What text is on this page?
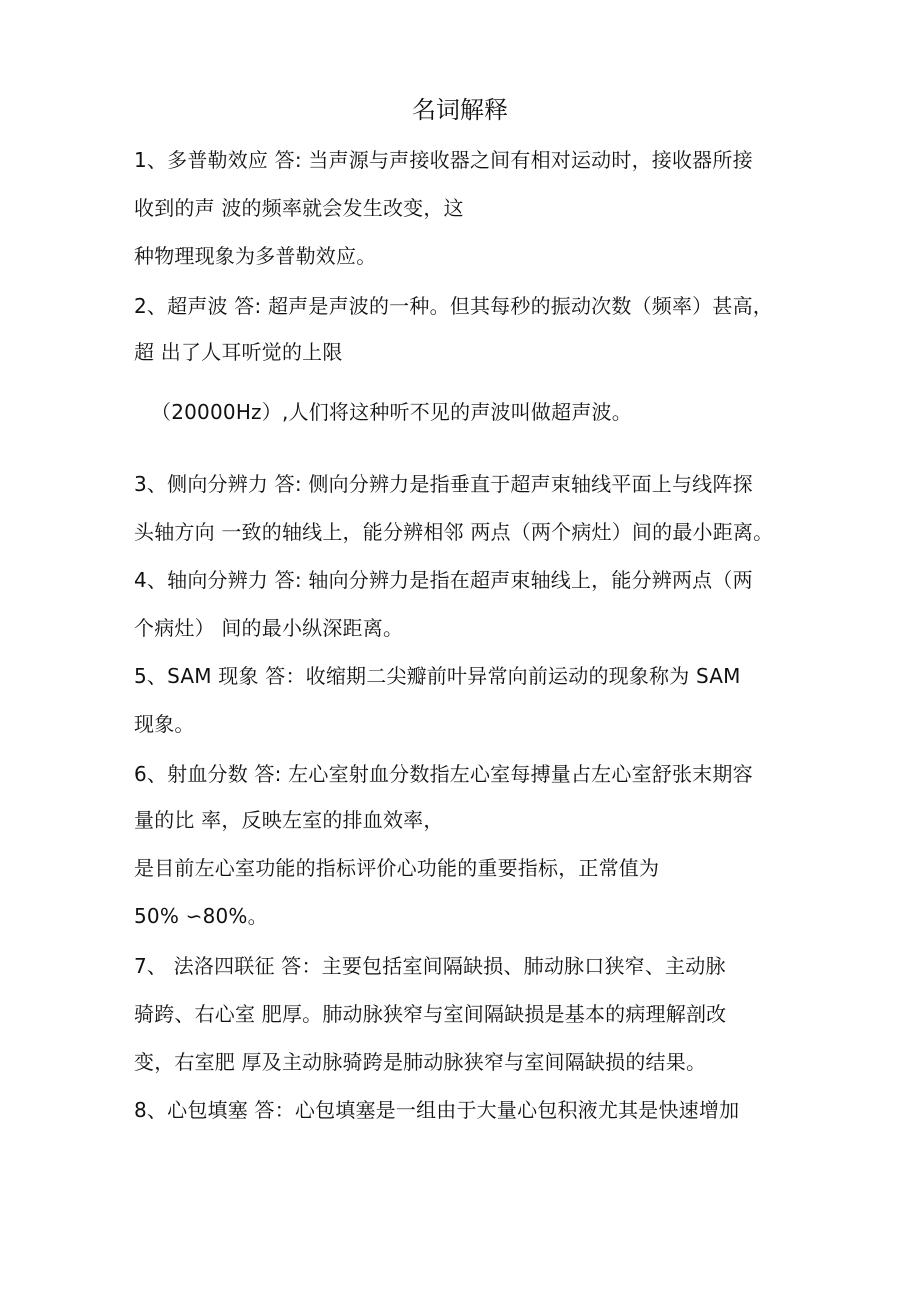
名词解释
1、多普勒效应 答: 当声源与声接收器之间有相对运动时，接收器所接
收到的声 波的频率就会发生改变，这
种物理现象为多普勒效应。
2、超声波 答: 超声是声波的一种。但其每秒的振动次数（频率）甚高，
超 出了人耳听觉的上限
（20000Hz）,人们将这种听不见的声波叫做超声波。
3、侧向分辨力 答: 侧向分辨力是指垂直于超声束轴线平面上与线阵探
头轴方向 一致的轴线上，能分辨相邻 两点（两个病灶）间的最小距离。
4、轴向分辨力 答: 轴向分辨力是指在超声束轴线上，能分辨两点（两
个病灶） 间的最小纵深距离。
5、SAM 现象 答：收缩期二尖瓣前叶异常向前运动的现象称为 SAM
现象。
6、射血分数 答: 左心室射血分数指左心室每搏量占左心室舒张末期容
量的比 率，反映左室的排血效率，
是目前左心室功能的指标评价心功能的重要指标，正常值为
50% ∽80%。
7、 法洛四联征 答：主要包括室间隔缺损、肺动脉口狭窄、主动脉
骑跨、右心室 肥厚。肺动脉狭窄与室间隔缺损是基本的病理解剖改
变，右室肥 厚及主动脉骑跨是肺动脉狭窄与室间隔缺损的结果。
8、心包填塞 答：心包填塞是一组由于大量心包积液尤其是快速增加
